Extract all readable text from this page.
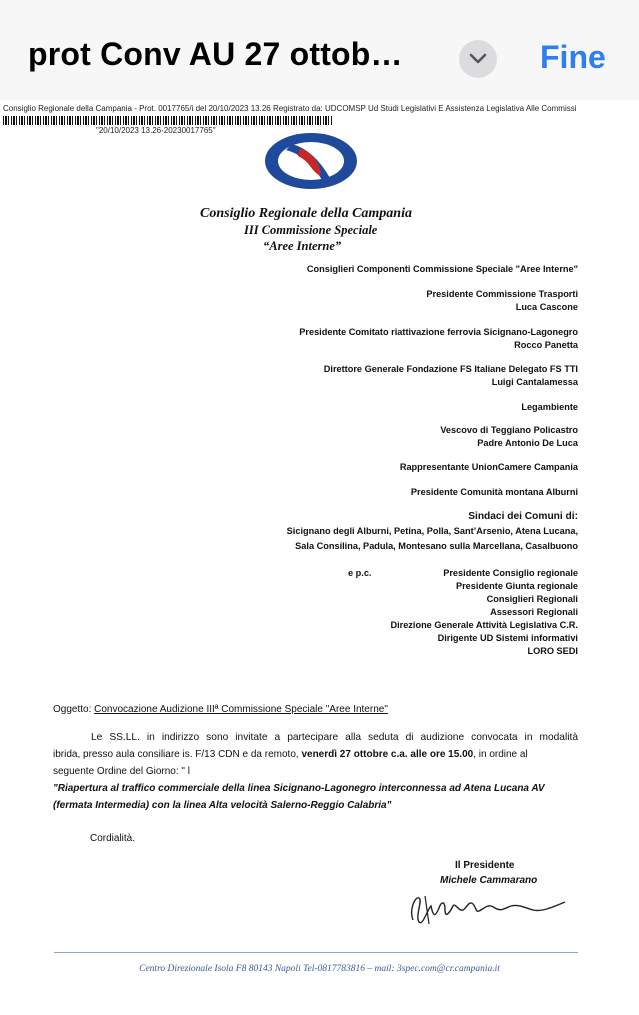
prot Conv AU 27 ottob…	Fine
Consiglio Regionale della Campania - Prot. 0017765/i del 20/10/2023 13.26 Registrato da: UDCOMSP Ud Studi Legislativi E Assistenza Legislativa Alle Commissi
"20/10/2023 13.26-20230017765"
Consiglio Regionale della Campania
III Commissione Speciale
“Aree Interne”
Consiglieri Componenti Commissione Speciale "Aree Interne"
Presidente Commissione Trasporti
Luca Cascone
Presidente Comitato riattivazione ferrovia Sicignano-Lagonegro
Rocco Panetta
Direttore Generale Fondazione FS Italiane Delegato FS TTI
Luigi Cantalamessa
Legambiente
Vescovo di Teggiano Policastro
Padre Antonio De Luca
Rappresentante UnionCamere Campania
Presidente Comunità montana Alburni
Sindaci dei Comuni di:
Sicignano degli Alburni, Petina, Polla, Sant’Arsenio, Atena Lucana,
Sala Consilina, Padula, Montesano sulla Marcellana, Casalbuono
e p.c.	Presidente Consiglio regionale
Presidente Giunta regionale
Consiglieri Regionali
Assessori Regionali
Direzione Generale Attività Legislativa C.R.
Dirigente UD Sistemi informativi
LORO SEDI
Oggetto: Convocazione Audizione IIIª Commissione Speciale "Aree Interne"
Le SS.LL. in indirizzo sono invitate a partecipare alla seduta di audizione convocata in modalità
ibrida, presso aula consiliare is. F/13 CDN e da remoto, venerdì 27 ottobre c.a. alle ore 15.00, in ordine al
seguente Ordine del Giorno: " l
"Riapertura al traffico commerciale della linea Sicignano-Lagonegro interconnessa ad Atena Lucana AV
(fermata Intermedia) con la linea Alta velocità Salerno-Reggio Calabria"
Cordialità.
Il Presidente
Michele Cammarano
Centro Direzionale Isola F8 80143 Napoli Tel-0817783816 – mail: 3spec.com@cr.campania.it
